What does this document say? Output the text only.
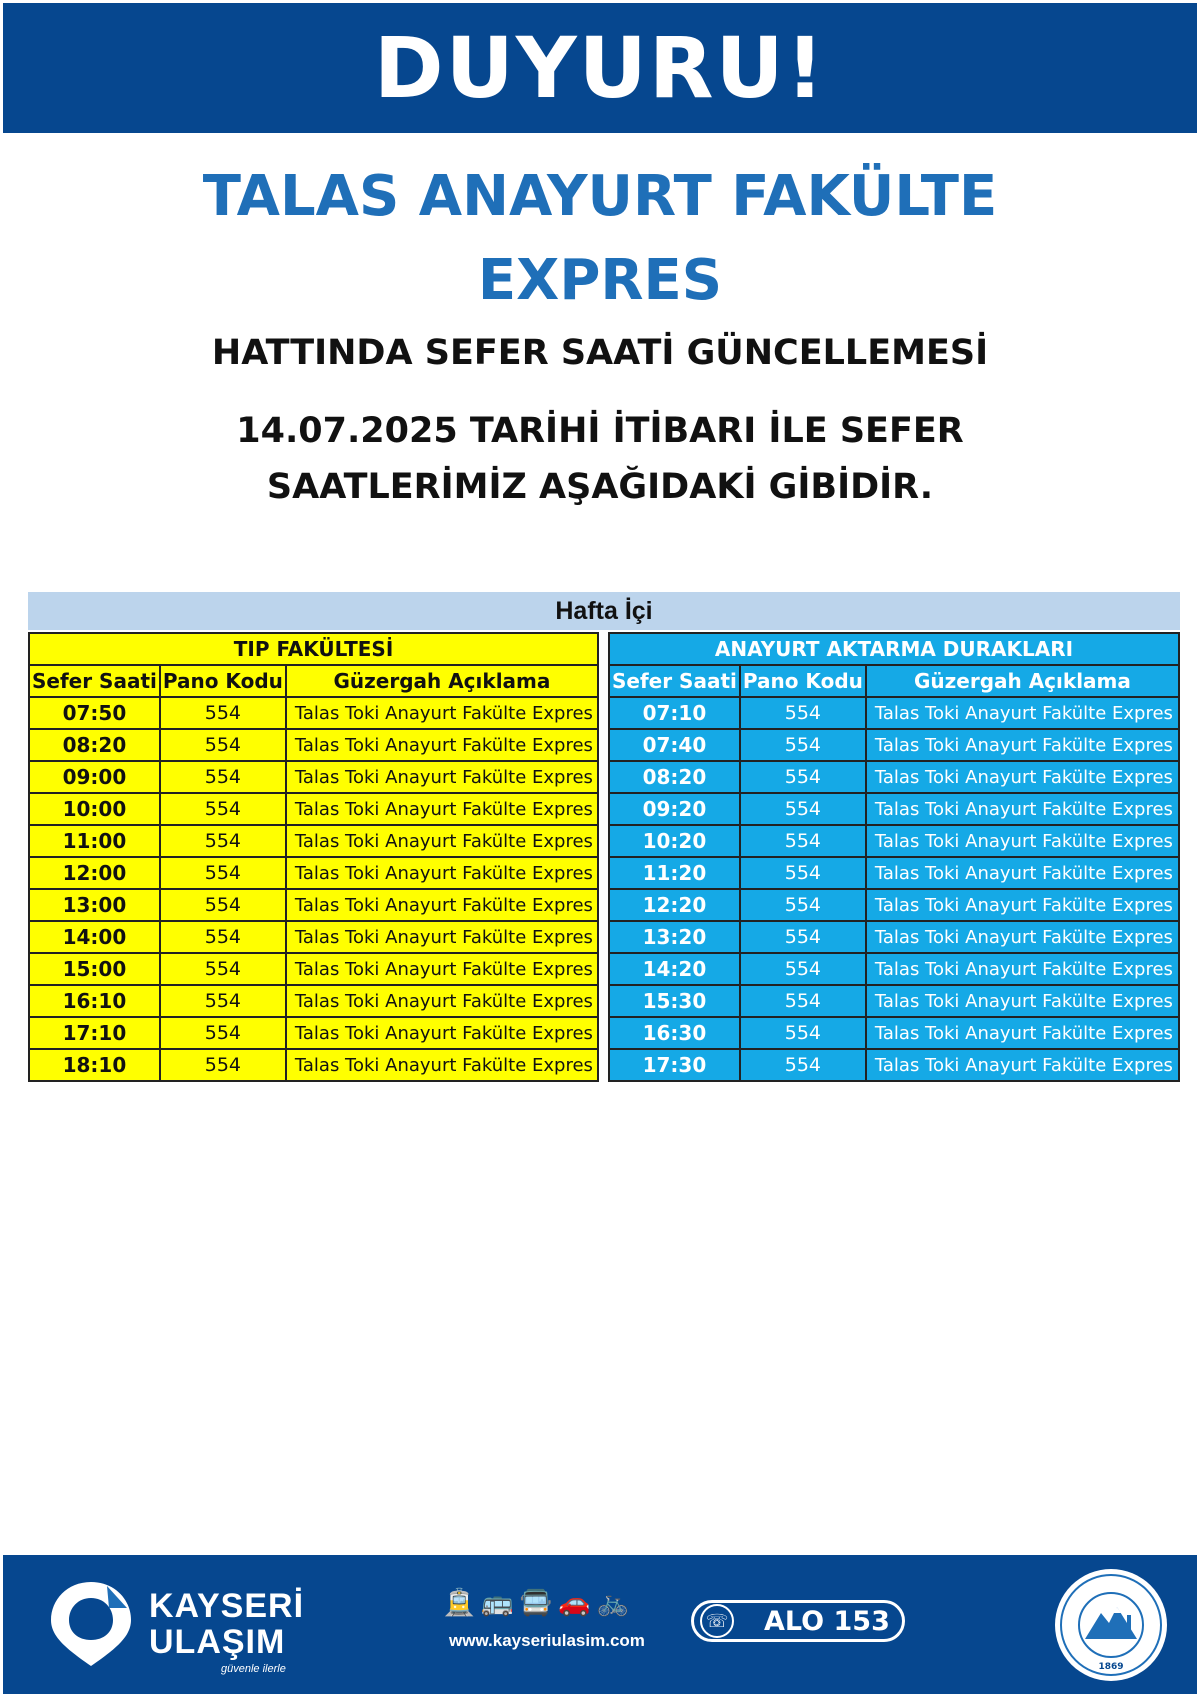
DUYURU!
TALAS ANAYURT FAKÜLTE
EXPRES
HATTINDA SEFER SAATİ GÜNCELLEMESİ
14.07.2025 TARİHİ İTİBARI İLE SEFER
SAATLERİMİZ AŞAĞIDAKİ GİBİDİR.
Hafta İçi
TIP FAKÜLTESİ		
Sefer Saati	Pano Kodu	Güzergah Açıklama
07:50	554	Talas Toki Anayurt Fakülte Expres
08:20	554	Talas Toki Anayurt Fakülte Expres
09:00	554	Talas Toki Anayurt Fakülte Expres
10:00	554	Talas Toki Anayurt Fakülte Expres
11:00	554	Talas Toki Anayurt Fakülte Expres
12:00	554	Talas Toki Anayurt Fakülte Expres
13:00	554	Talas Toki Anayurt Fakülte Expres
14:00	554	Talas Toki Anayurt Fakülte Expres
15:00	554	Talas Toki Anayurt Fakülte Expres
16:10	554	Talas Toki Anayurt Fakülte Expres
17:10	554	Talas Toki Anayurt Fakülte Expres
18:10	554	Talas Toki Anayurt Fakülte Expres
ANAYURT AKTARMA DURAKLARI		
Sefer Saati	Pano Kodu	Güzergah Açıklama
07:10	554	Talas Toki Anayurt Fakülte Expres
07:40	554	Talas Toki Anayurt Fakülte Expres
08:20	554	Talas Toki Anayurt Fakülte Expres
09:20	554	Talas Toki Anayurt Fakülte Expres
10:20	554	Talas Toki Anayurt Fakülte Expres
11:20	554	Talas Toki Anayurt Fakülte Expres
12:20	554	Talas Toki Anayurt Fakülte Expres
13:20	554	Talas Toki Anayurt Fakülte Expres
14:20	554	Talas Toki Anayurt Fakülte Expres
15:30	554	Talas Toki Anayurt Fakülte Expres
16:30	554	Talas Toki Anayurt Fakülte Expres
17:30	554	Talas Toki Anayurt Fakülte Expres
KAYSERİ
ULAŞIM
güvenle ilerle
🚊🚌🚍🚗🚲
www.kayseriulasim.com
☏ ALO 153
1869
